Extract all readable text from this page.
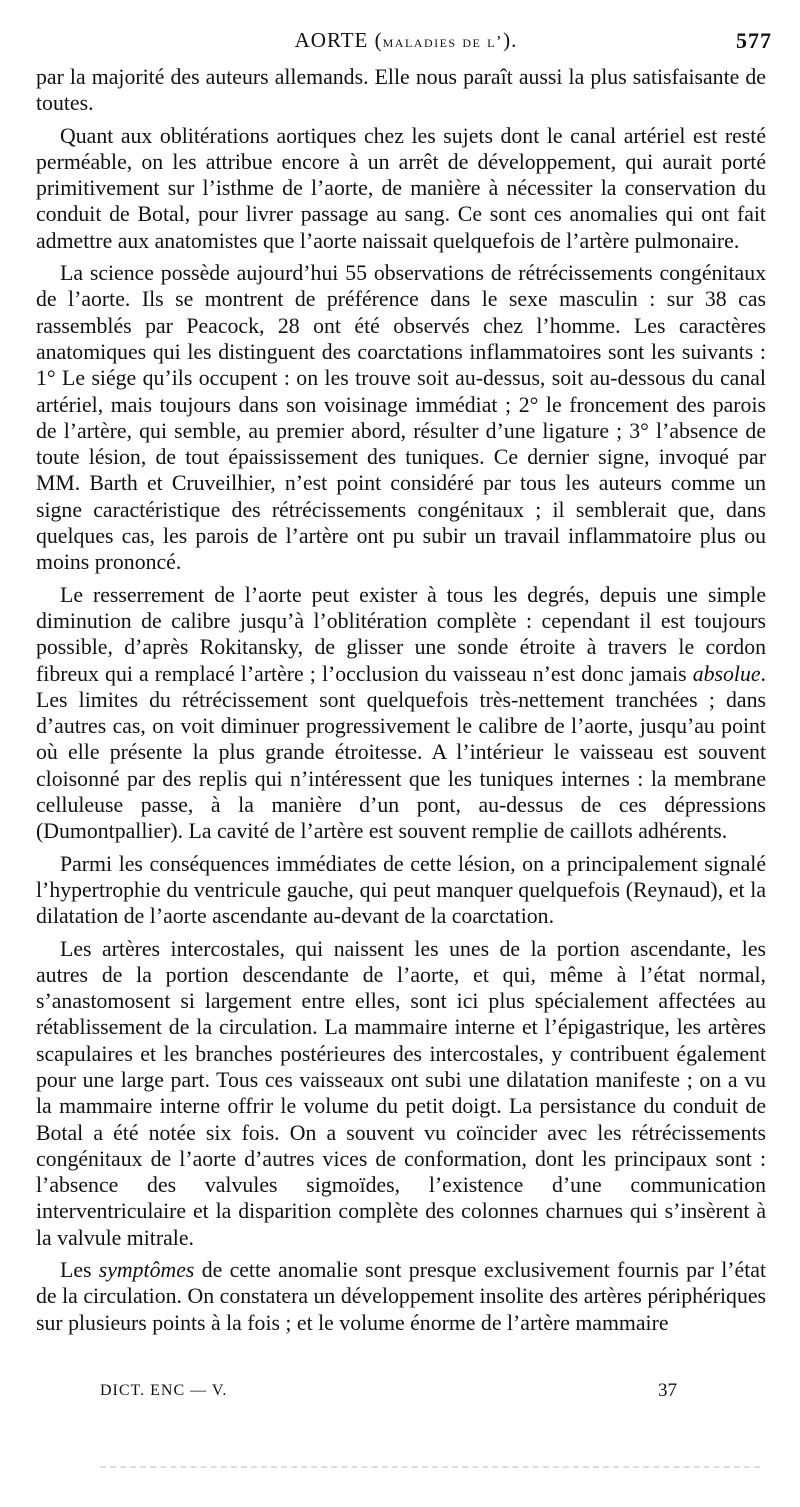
AORTE (maladies de l’).	577

par la majorité des auteurs allemands. Elle nous paraît aussi la plus satisfaisante de toutes.

Quant aux oblitérations aortiques chez les sujets dont le canal artériel est resté perméable, on les attribue encore à un arrêt de développement, qui aurait porté primitivement sur l’isthme de l’aorte, de manière à nécessiter la conservation du conduit de Botal, pour livrer passage au sang. Ce sont ces anomalies qui ont fait admettre aux anatomistes que l’aorte naissait quelquefois de l’artère pulmonaire.

La science possède aujourd’hui 55 observations de rétrécissements congénitaux de l’aorte. Ils se montrent de préférence dans le sexe masculin : sur 38 cas rassemblés par Peacock, 28 ont été observés chez l’homme. Les caractères anatomiques qui les distinguent des coarctations inflammatoires sont les suivants : 1° Le siége qu’ils occupent : on les trouve soit au-dessus, soit au-dessous du canal artériel, mais toujours dans son voisinage immédiat ; 2° le froncement des parois de l’artère, qui semble, au premier abord, résulter d’une ligature ; 3° l’absence de toute lésion, de tout épaississement des tuniques. Ce dernier signe, invoqué par MM. Barth et Cruveilhier, n’est point considéré par tous les auteurs comme un signe caractéristique des rétrécissements congénitaux ; il semblerait que, dans quelques cas, les parois de l’artère ont pu subir un travail inflammatoire plus ou moins prononcé.

Le resserrement de l’aorte peut exister à tous les degrés, depuis une simple diminution de calibre jusqu’à l’oblitération complète : cependant il est toujours possible, d’après Rokitansky, de glisser une sonde étroite à travers le cordon fibreux qui a remplacé l’artère ; l’occlusion du vaisseau n’est donc jamais absolue. Les limites du rétrécissement sont quelquefois très-nettement tranchées ; dans d’autres cas, on voit diminuer progressivement le calibre de l’aorte, jusqu’au point où elle présente la plus grande étroitesse. A l’intérieur le vaisseau est souvent cloisonné par des replis qui n’intéressent que les tuniques internes : la membrane celluleuse passe, à la manière d’un pont, au-dessus de ces dépressions (Dumontpallier). La cavité de l’artère est souvent remplie de caillots adhérents.

Parmi les conséquences immédiates de cette lésion, on a principalement signalé l’hypertrophie du ventricule gauche, qui peut manquer quelquefois (Reynaud), et la dilatation de l’aorte ascendante au-devant de la coarctation.

Les artères intercostales, qui naissent les unes de la portion ascendante, les autres de la portion descendante de l’aorte, et qui, même à l’état normal, s’anastomosent si largement entre elles, sont ici plus spécialement affectées au rétablissement de la circulation. La mammaire interne et l’épigastrique, les artères scapulaires et les branches postérieures des intercostales, y contribuent également pour une large part. Tous ces vaisseaux ont subi une dilatation manifeste ; on a vu la mammaire interne offrir le volume du petit doigt. La persistance du conduit de Botal a été notée six fois. On a souvent vu coïncider avec les rétrécissements congénitaux de l’aorte d’autres vices de conformation, dont les principaux sont : l’absence des valvules sigmoïdes, l’existence d’une communication interventriculaire et la disparition complète des colonnes charnues qui s’insèrent à la valvule mitrale.

Les symptômes de cette anomalie sont presque exclusivement fournis par l’état de la circulation. On constatera un développement insolite des artères périphériques sur plusieurs points à la fois ; et le volume énorme de l’artère mammaire

DICT. ENC — V.	37
